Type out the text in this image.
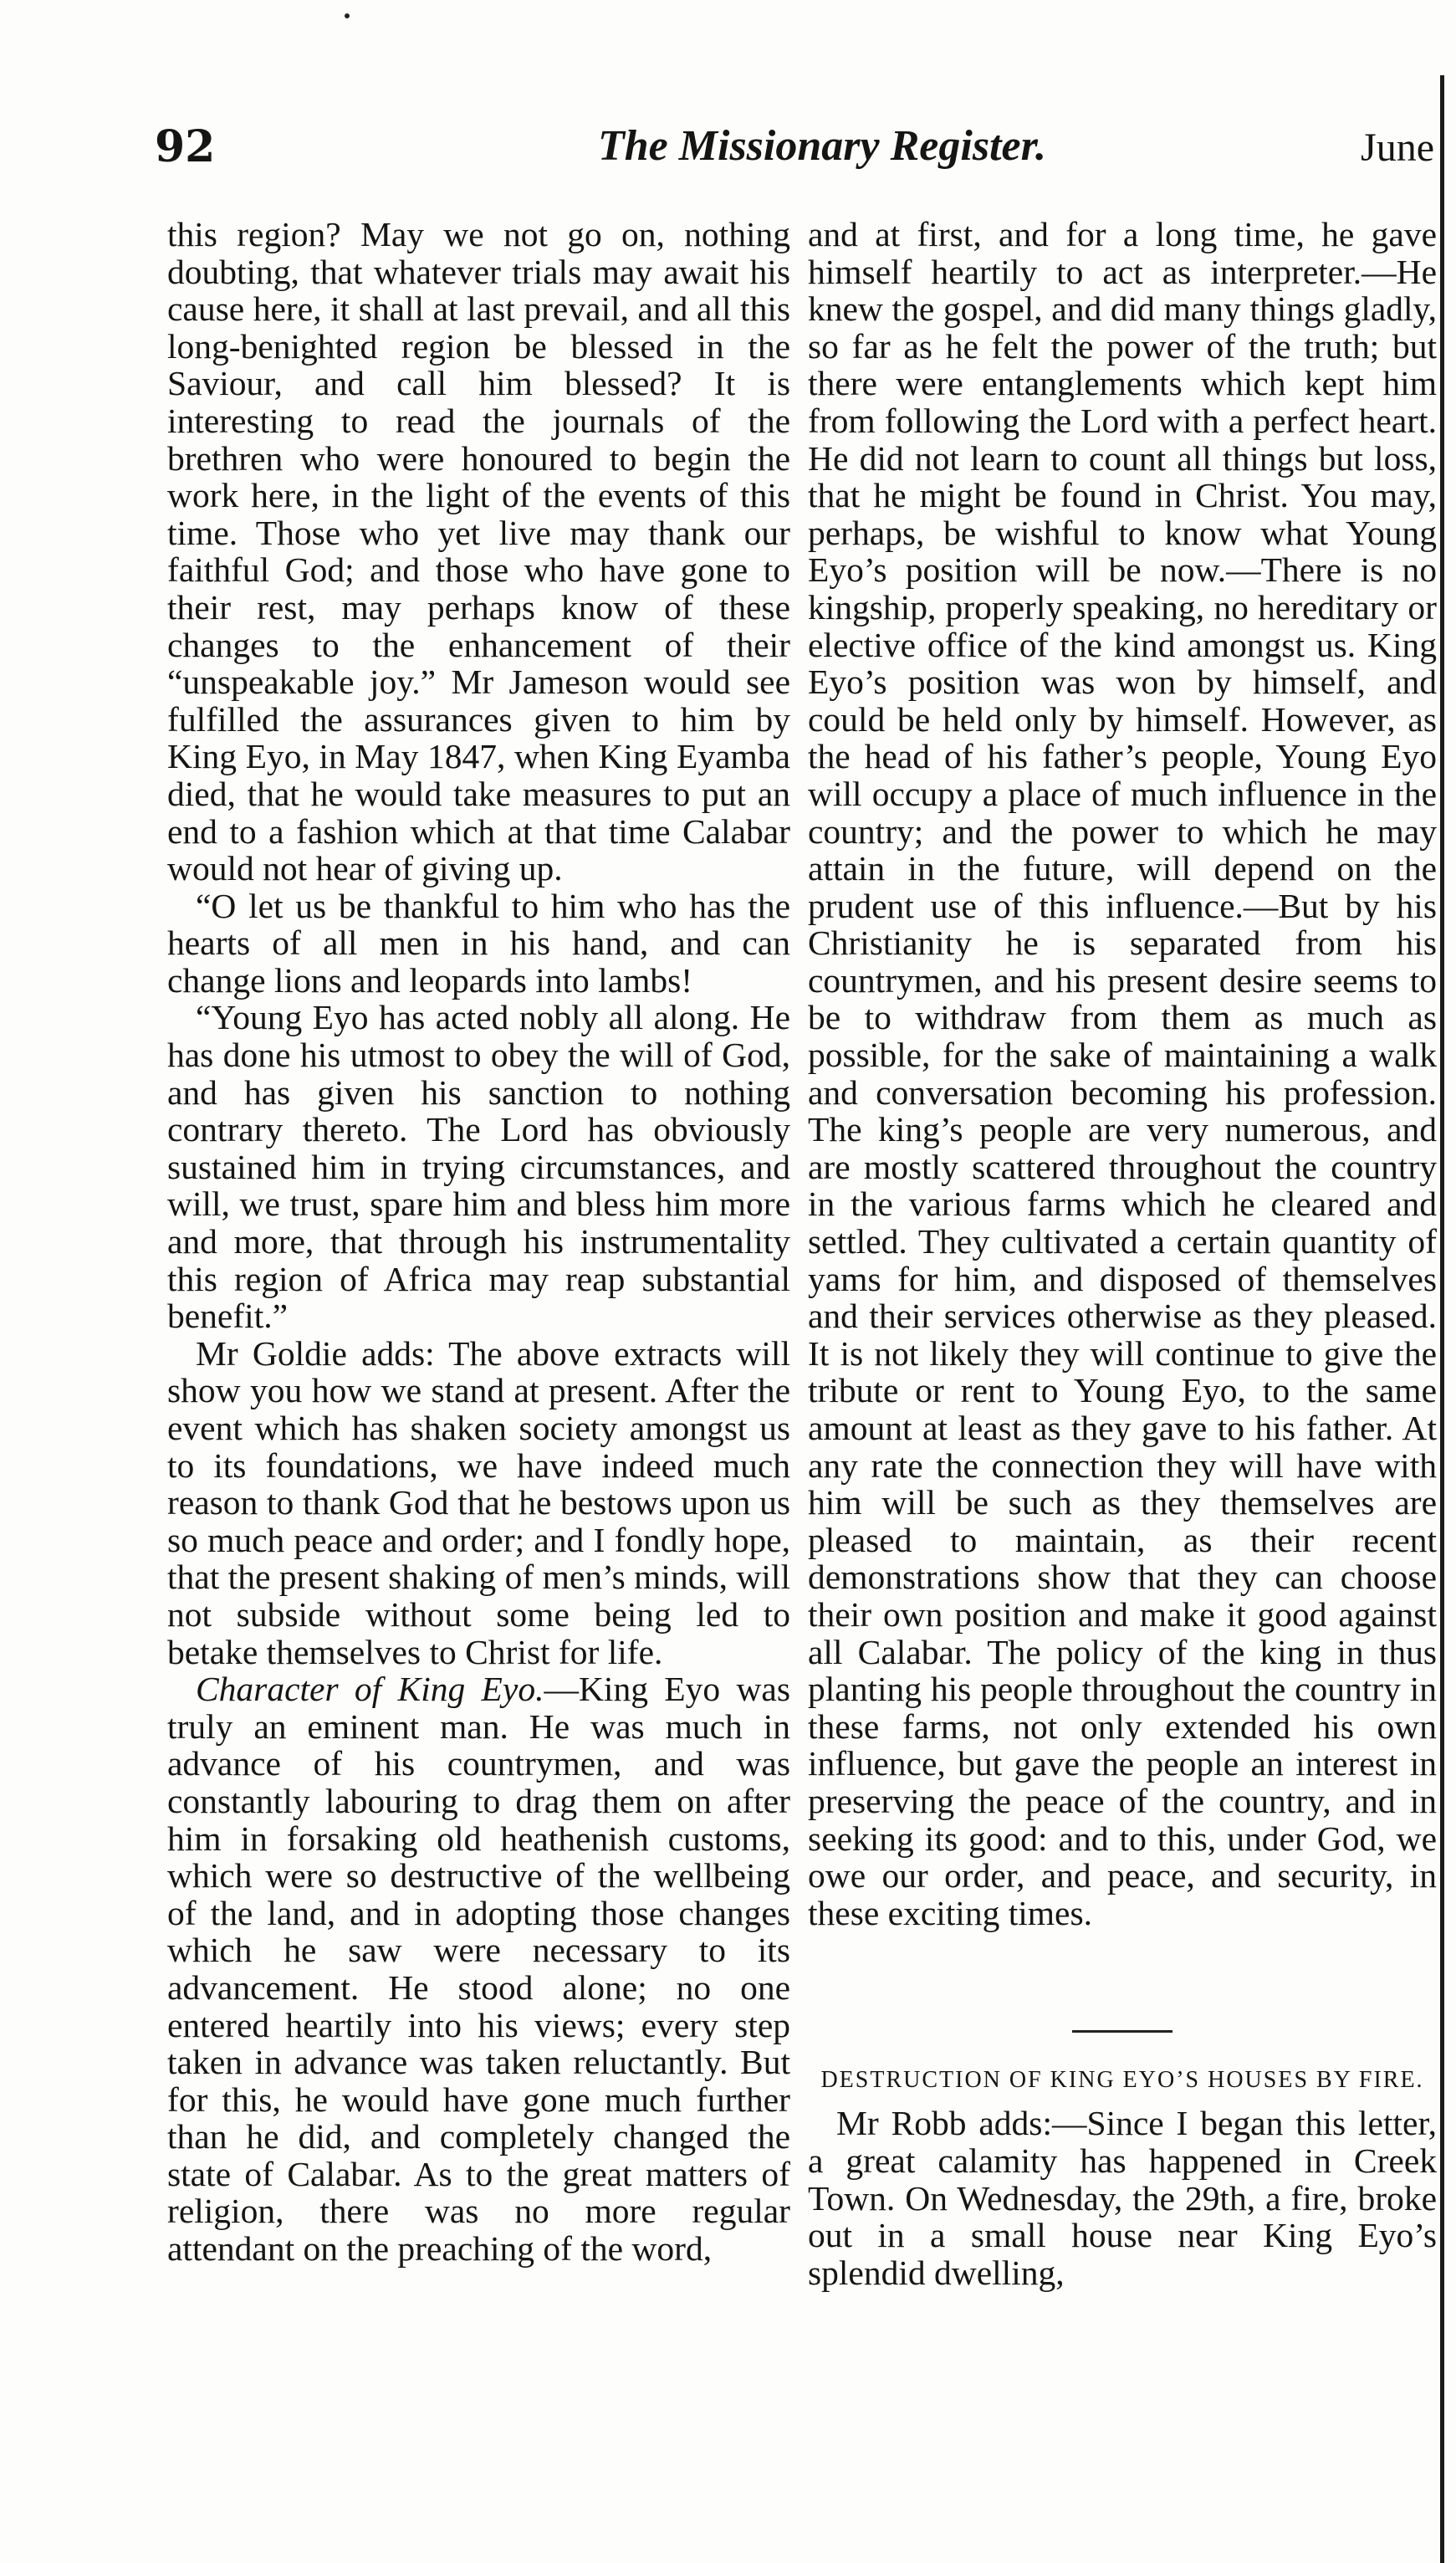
92	The Missionary Register.	June

this region? May we not go on, nothing doubting, that whatever trials may await his cause here, it shall at last prevail, and all this long-benighted region be blessed in the Saviour, and call him blessed? It is interesting to read the journals of the brethren who were honoured to begin the work here, in the light of the events of this time. Those who yet live may thank our faithful God; and those who have gone to their rest, may perhaps know of these changes to the enhancement of their “unspeakable joy.” Mr Jameson would see fulfilled the assurances given to him by King Eyo, in May 1847, when King Eyamba died, that he would take measures to put an end to a fashion which at that time Calabar would not hear of giving up.

“O let us be thankful to him who has the hearts of all men in his hand, and can change lions and leopards into lambs!

“Young Eyo has acted nobly all along. He has done his utmost to obey the will of God, and has given his sanction to nothing contrary thereto. The Lord has obviously sustained him in trying circumstances, and will, we trust, spare him and bless him more and more, that through his instrumentality this region of Africa may reap substantial benefit.”

Mr Goldie adds: The above extracts will show you how we stand at present. After the event which has shaken society amongst us to its foundations, we have indeed much reason to thank God that he bestows upon us so much peace and order; and I fondly hope, that the present shaking of men’s minds, will not subside without some being led to betake themselves to Christ for life.

Character of King Eyo.—King Eyo was truly an eminent man. He was much in advance of his countrymen, and was constantly labouring to drag them on after him in forsaking old heathenish customs, which were so destructive of the wellbeing of the land, and in adopting those changes which he saw were necessary to its advancement. He stood alone; no one entered heartily into his views; every step taken in advance was taken reluctantly. But for this, he would have gone much further than he did, and completely changed the state of Calabar. As to the great matters of religion, there was no more regular attendant on the preaching of the word,

and at first, and for a long time, he gave himself heartily to act as interpreter.—He knew the gospel, and did many things gladly, so far as he felt the power of the truth; but there were entanglements which kept him from following the Lord with a perfect heart. He did not learn to count all things but loss, that he might be found in Christ. You may, perhaps, be wishful to know what Young Eyo’s position will be now.—There is no kingship, properly speaking, no hereditary or elective office of the kind amongst us. King Eyo’s position was won by himself, and could be held only by himself. However, as the head of his father’s people, Young Eyo will occupy a place of much influence in the country; and the power to which he may attain in the future, will depend on the prudent use of this influence.—But by his Christianity he is separated from his countrymen, and his present desire seems to be to withdraw from them as much as possible, for the sake of maintaining a walk and conversation becoming his profession. The king’s people are very numerous, and are mostly scattered throughout the country in the various farms which he cleared and settled. They cultivated a certain quantity of yams for him, and disposed of themselves and their services otherwise as they pleased. It is not likely they will continue to give the tribute or rent to Young Eyo, to the same amount at least as they gave to his father. At any rate the connection they will have with him will be such as they themselves are pleased to maintain, as their recent demonstrations show that they can choose their own position and make it good against all Calabar. The policy of the king in thus planting his people throughout the country in these farms, not only extended his own influence, but gave the people an interest in preserving the peace of the country, and in seeking its good: and to this, under God, we owe our order, and peace, and security, in these exciting times.

DESTRUCTION OF KING EYO’S HOUSES BY FIRE.

Mr Robb adds:—Since I began this letter, a great calamity has happened in Creek Town. On Wednesday, the 29th, a fire, broke out in a small house near King Eyo’s splendid dwelling,
